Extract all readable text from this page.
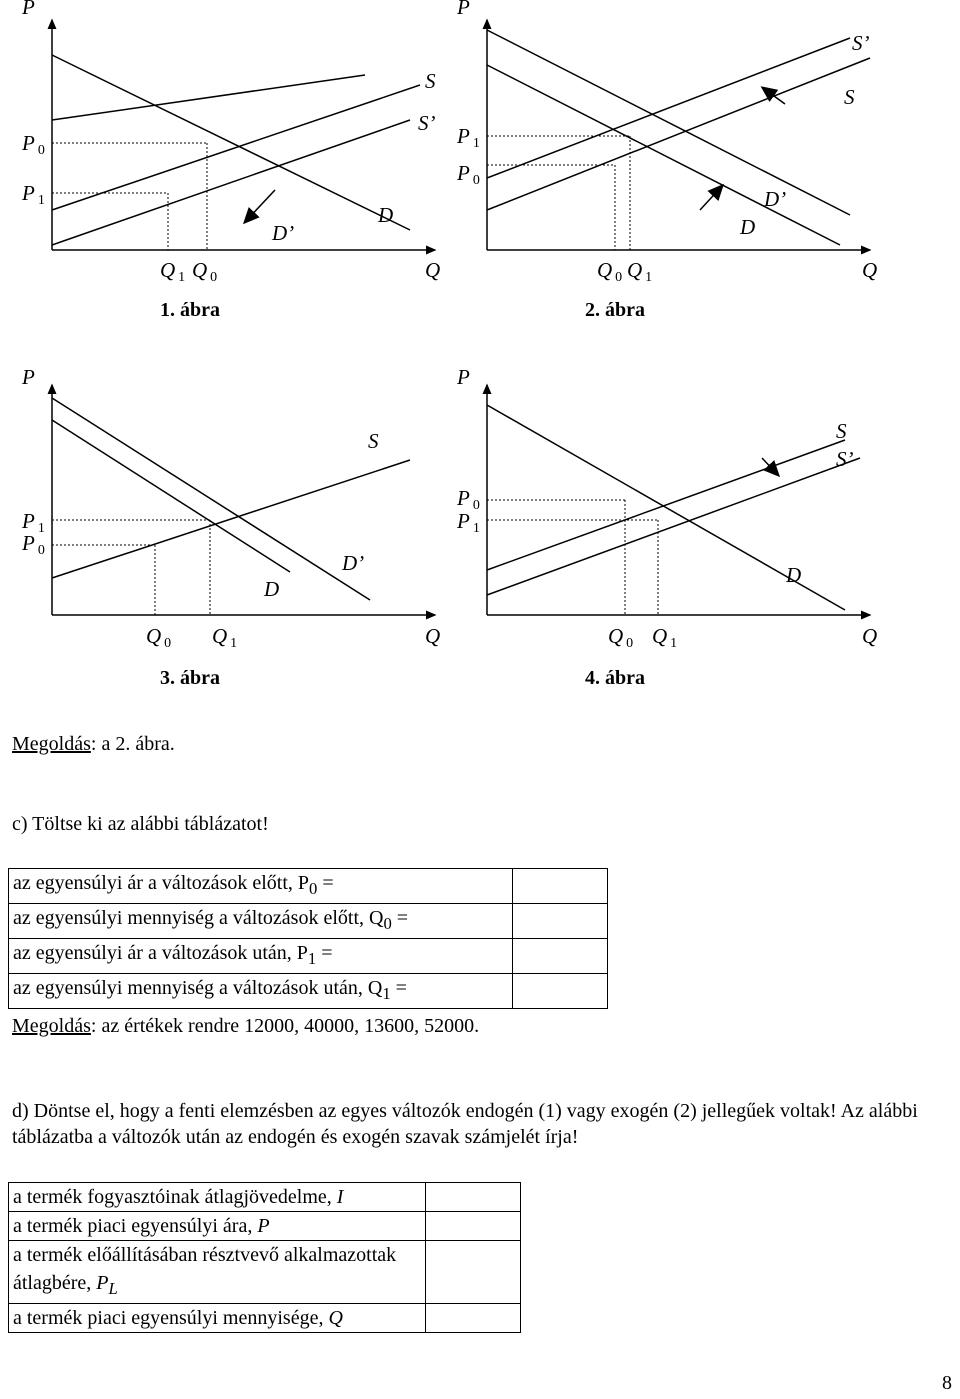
P
Q
P 0
P 1
Q 1 Q 0
S
S’
D
D’
1. ábra
P
Q
P 1
P 0
Q 0 Q 1
S’
S
D’
D
2. ábra
P
Q
P 1
P 0
Q 0 Q 1
S
D’
D
3. ábra
P
Q
P 0
P 1
Q 0 Q 1
S
S’
D
4. ábra
Megoldás: a 2. ábra.
c) Töltse ki az alábbi táblázatot!
az egyensúlyi ár a változások előtt, $P_0$ =	
az egyensúlyi mennyiség a változások előtt, $Q_0$ =	
az egyensúlyi ár a változások után, $P_1$ =	
az egyensúlyi mennyiség a változások után, $Q_1$ =	
Megoldás: az értékek rendre 12000, 40000, 13600, 52000.
d) Döntse el, hogy a fenti elemzésben az egyes változók endogén (1) vagy exogén (2) jellegűek voltak! Az alábbi táblázatba a változók után az endogén és exogén szavak számjelét írja!
a termék fogyasztóinak átlagjövedelme, I	
a termék piaci egyensúlyi ára, P	
a termék előállításában résztvevő alkalmazottak átlagbére, $P_L$	
a termék piaci egyensúlyi mennyisége, Q	
8
